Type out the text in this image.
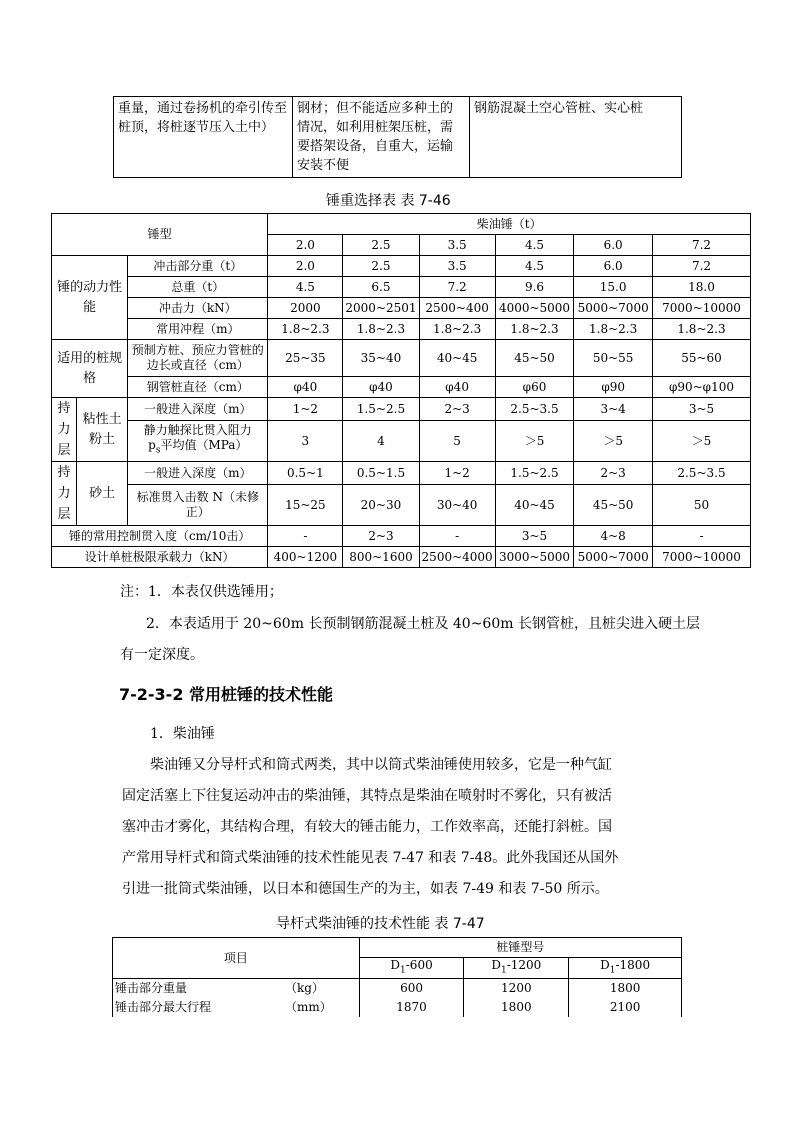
重量，通过卷扬机的牵引传至桩顶，将桩逐节压入土中）	钢材；但不能适应多种土的情况，如利用桩架压桩，需要搭架设备，自重大，运输安装不便	钢筋混凝土空心管桩、实心桩
锤重选择表 表 7-46
锤型			柴油锤（t）					
			2.0	2.5	3.5	4.5	6.0	7.2
锤的动力性能		冲击部分重（t）	2.0	2.5	3.5	4.5	6.0	7.2
		总重（t）	4.5	6.5	7.2	9.6	15.0	18.0
		冲击力（kN）	2000	2000~2501	2500~400	4000~5000	5000~7000	7000~10000
		常用冲程（m）	1.8~2.3	1.8~2.3	1.8~2.3	1.8~2.3	1.8~2.3	1.8~2.3
适用的桩规格		预制方桩、预应力管桩的边长或直径（cm）	25~35	35~40	40~45	45~50	50~55	55~60
		钢管桩直径（cm）	φ40	φ40	φ40	φ60	φ90	φ90~φ100
持力层	粘性土粉土	一般进入深度（m）	1~2	1.5~2.5	2~3	2.5~3.5	3~4	3~5
		静力触探比贯入阻力
$p_s$平均值（MPa）	3	4	5	＞5	＞5	＞5
持力层	砂土	一般进入深度（m）	0.5~1	0.5~1.5	1~2	1.5~2.5	2~3	2.5~3.5
		标准贯入击数 N（未修正）	15~25	20~30	30~40	40~45	45~50	50
锤的常用控制贯入度（cm/10击）			-	2~3	-	3~5	4~8	-
设计单桩极限承载力（kN）			400~1200	800~1600	2500~4000	3000~5000	5000~7000	7000~10000
注：1．本表仅供选锤用；
2．本表适用于 20~60m 长预制钢筋混凝土桩及 40~60m 长钢管桩，且桩尖进入硬土层
有一定深度。
7-2-3-2 常用桩锤的技术性能
1．柴油锤
柴油锤又分导杆式和筒式两类，其中以筒式柴油锤使用较多，它是一种气缸
固定活塞上下往复运动冲击的柴油锤，其特点是柴油在喷射时不雾化，只有被活
塞冲击才雾化，其结构合理，有较大的锤击能力，工作效率高，还能打斜桩。国
产常用导杆式和筒式柴油锤的技术性能见表 7-47 和表 7-48。此外我国还从国外
引进一批筒式柴油锤，以日本和德国生产的为主，如表 7-49 和表 7-50 所示。
导杆式柴油锤的技术性能 表 7-47
项目	桩锤型号		
	$D_1-600$	$D_1-1200$	$D_1-1800$
锤击部分重量 （kg）	600	1200	1800
锤击部分最大行程 （mm）	1870	1800	2100
